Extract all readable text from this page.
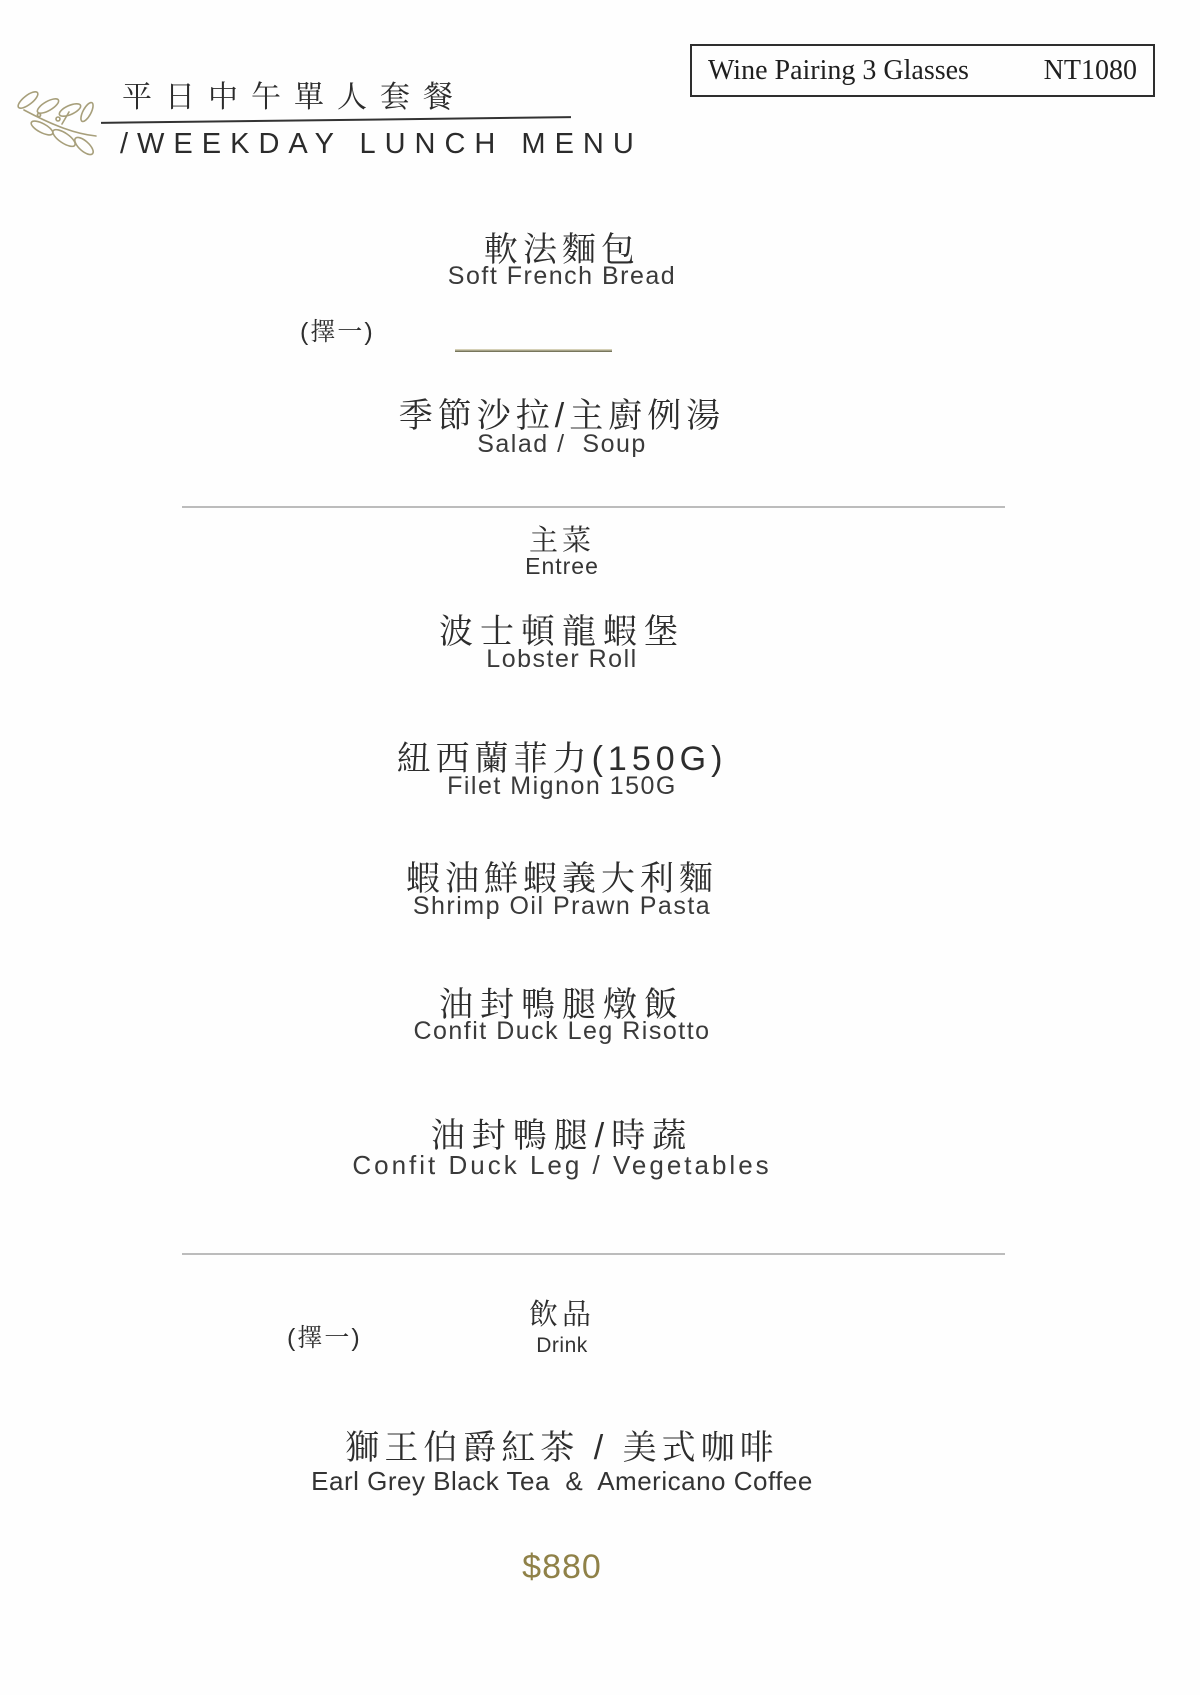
平日中午單人套餐
/WEEKDAY LUNCH MENU
Wine Pairing 3 Glasses	NT1080
軟法麵包
Soft French Bread
(擇一)
季節沙拉/主廚例湯
Salad /  Soup
主菜
Entree
波士頓龍蝦堡
Lobster Roll
紐西蘭菲力(150G)
Filet Mignon 150G
蝦油鮮蝦義大利麵
Shrimp Oil Prawn Pasta
油封鴨腿燉飯
Confit Duck Leg Risotto
油封鴨腿/時蔬
Confit Duck Leg / Vegetables
飲品
(擇一)	Drink
獅王伯爵紅茶 / 美式咖啡
Earl Grey Black Tea  &  Americano Coffee
$880
